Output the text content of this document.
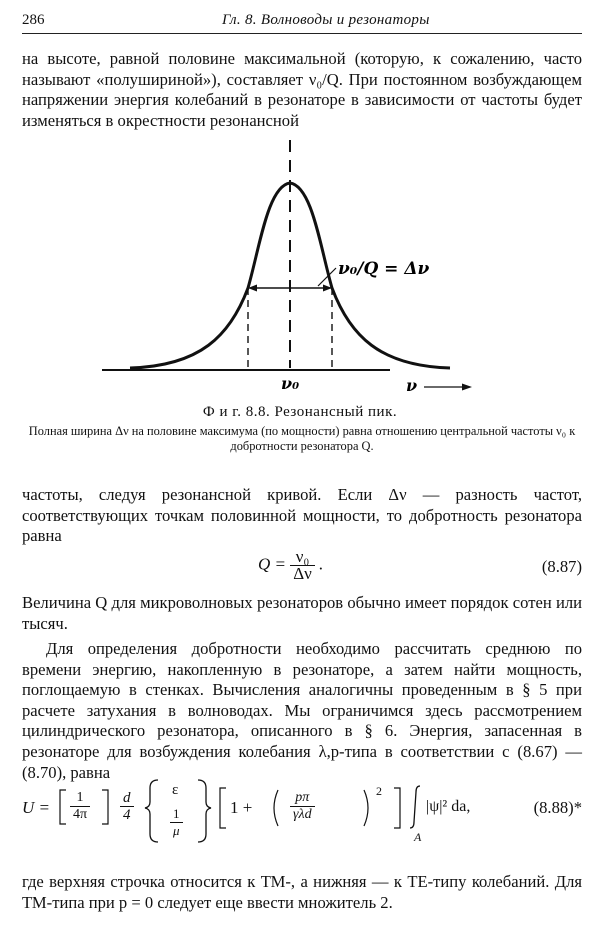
286	Гл. 8. Волноводы и резонаторы
на высоте, равной половине максимальной (которую, к сожалению, часто называют «полушириной»), составляет ν₀/Q. При постоянном возбуждающем напряжении энергия колебаний в резонаторе в зависимости от частоты будет изменяться в окрестности резонансной
ν₀/Q = Δν
ν₀	ν
Ф и г. 8.8. Резонансный пик.
Полная ширина Δν на половине максимума (по мощности) равна отношению центральной частоты ν₀ к добротности резонатора Q.
частоты, следуя резонансной кривой. Если Δν — разность частот, соответствующих точкам половинной мощности, то добротность резонатора равна
$Q = \frac{\text{ν₀}}{\Delta\nu}$ .	(8.87)
Величина Q для микроволновых резонаторов обычно имеет порядок сотен или тысяч.
Для определения добротности необходимо рассчитать среднюю по времени энергию, накопленную в резонаторе, а затем найти мощность, поглощаемую в стенках. Вычисления аналогичны проведенным в § 5 при расчете затухания в волноводах. Мы ограничимся здесь рассмотрением цилиндрического резонатора, описанного в § 6. Энергия, запасенная в резонаторе для возбуждения колебания λ,p-типа в соответствии с (8.67) — (8.70), равна
$U = \frac{1}{4\pi} \frac{d}{4}$	ε
$\frac{1}{\mu}$	1 +
pπ
γλd
2
A
|ψ|² da,	(8.88)*
где верхняя строчка относится к ТМ-, а нижняя — к ТЕ-типу колебаний. Для ТМ-типа при p = 0 следует еще ввести множитель 2.
